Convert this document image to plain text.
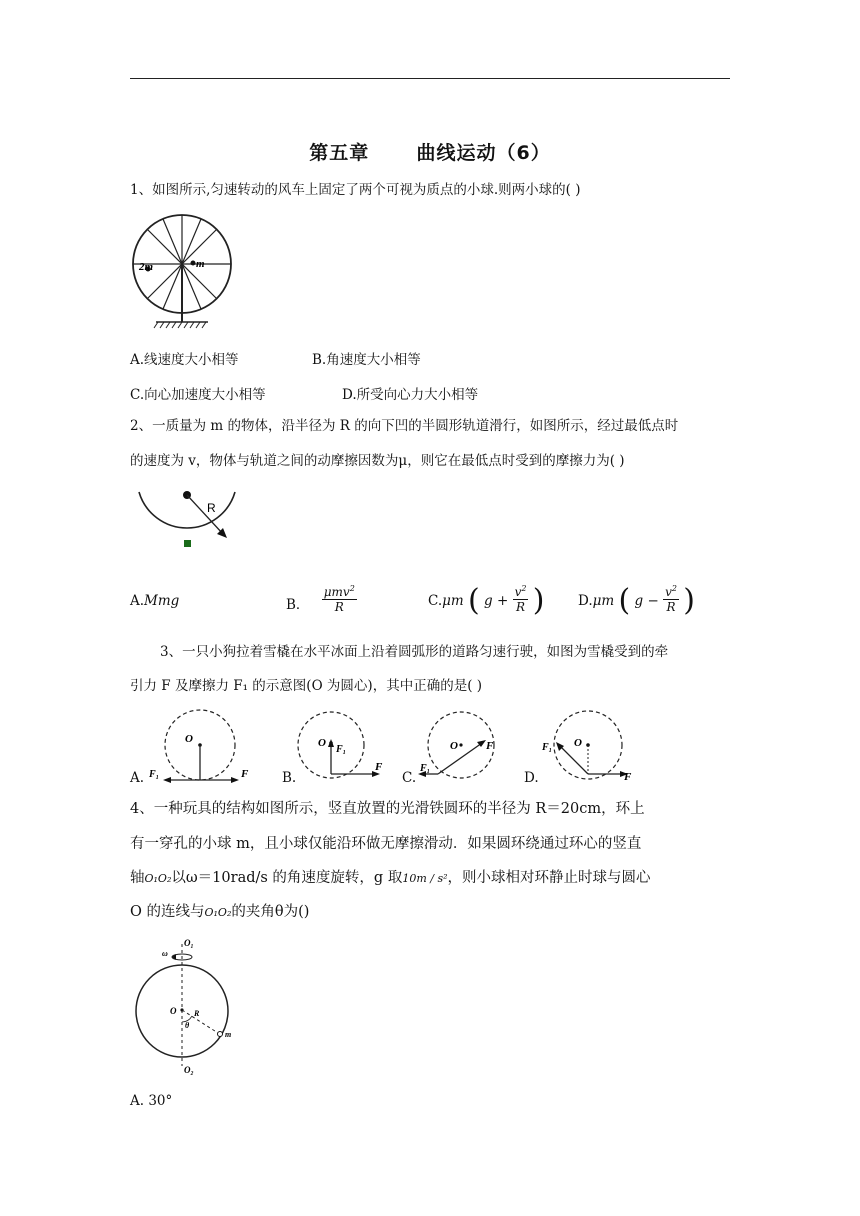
第五章 曲线运动（6）
1、如图所示,匀速转动的风车上固定了两个可视为质点的小球.则两小球的( )
2m	m
A.线速度大小相等	B.角速度大小相等
C.向心加速度大小相等	D.所受向心力大小相等
2、一质量为 m 的物体，沿半径为 R 的向下凹的半圆形轨道滑行，如图所示，经过最低点时
的速度为 v，物体与轨道之间的动摩擦因数为μ，则它在最低点时受到的摩擦力为( )
R
A.Mmg	B．
μmv$^2$
R	C.μm ( $g + \frac{v^2}{R}$ ) D.μm ( $g - \frac{v^2}{R}$ )
3、一只小狗拉着雪橇在水平冰面上沿着圆弧形的道路匀速行驶，如图为雪橇受到的牵
引力 F 及摩擦力 F₁ 的示意图(O 为圆心)，其中正确的是( )
A.
O
F
F₁	B.
O
F₁
F
C.
O	F
F₁
D.
O
F₁
F
4、一种玩具的结构如图所示，竖直放置的光滑铁圆环的半径为 R＝20cm，环上
有一穿孔的小球 m，且小球仅能沿环做无摩擦滑动．如果圆环绕通过环心的竖直
轴O₁O₂以ω＝10rad/s 的角速度旋转，g 取10m / s²，则小球相对环静止时球与圆心
O 的连线与O₁O₂的夹角θ为()
ω
O₁
O₂
O R
θ
m
A. 30°
